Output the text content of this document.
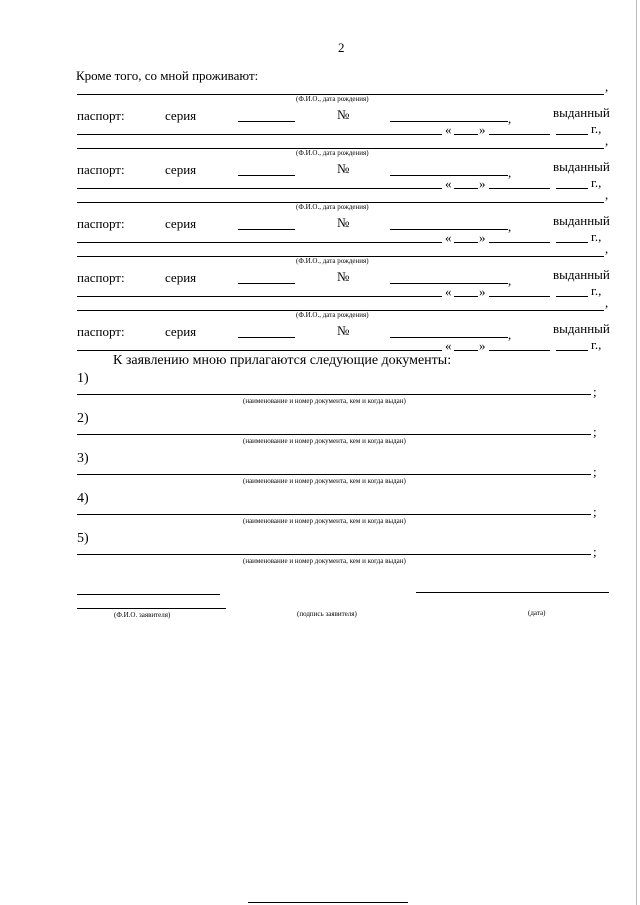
2
Кроме того, со мной проживают:
,
(Ф.И.О., дата рождения)
паспорт:	серия	№	,	выданный
« »	г.,
,
(Ф.И.О., дата рождения)
паспорт:	серия	№	,	выданный
« »	г.,
,
(Ф.И.О., дата рождения)
паспорт:	серия	№	,	выданный
« »	г.,
,
(Ф.И.О., дата рождения)
паспорт:	серия	№	,	выданный
« »	г.,
,
(Ф.И.О., дата рождения)
паспорт:	серия	№	,	выданный
« »	г.,
К заявлению мною прилагаются следующие документы:
1)
;
(наименование и номер документа, кем и когда выдан)
2)
;
(наименование и номер документа, кем и когда выдан)
3)
;
(наименование и номер документа, кем и когда выдан)
4)
;
(наименование и номер документа, кем и когда выдан)
5)
;
(наименование и номер документа, кем и когда выдан)
(Ф.И.О. заявителя)	(подпись заявителя)	(дата)
